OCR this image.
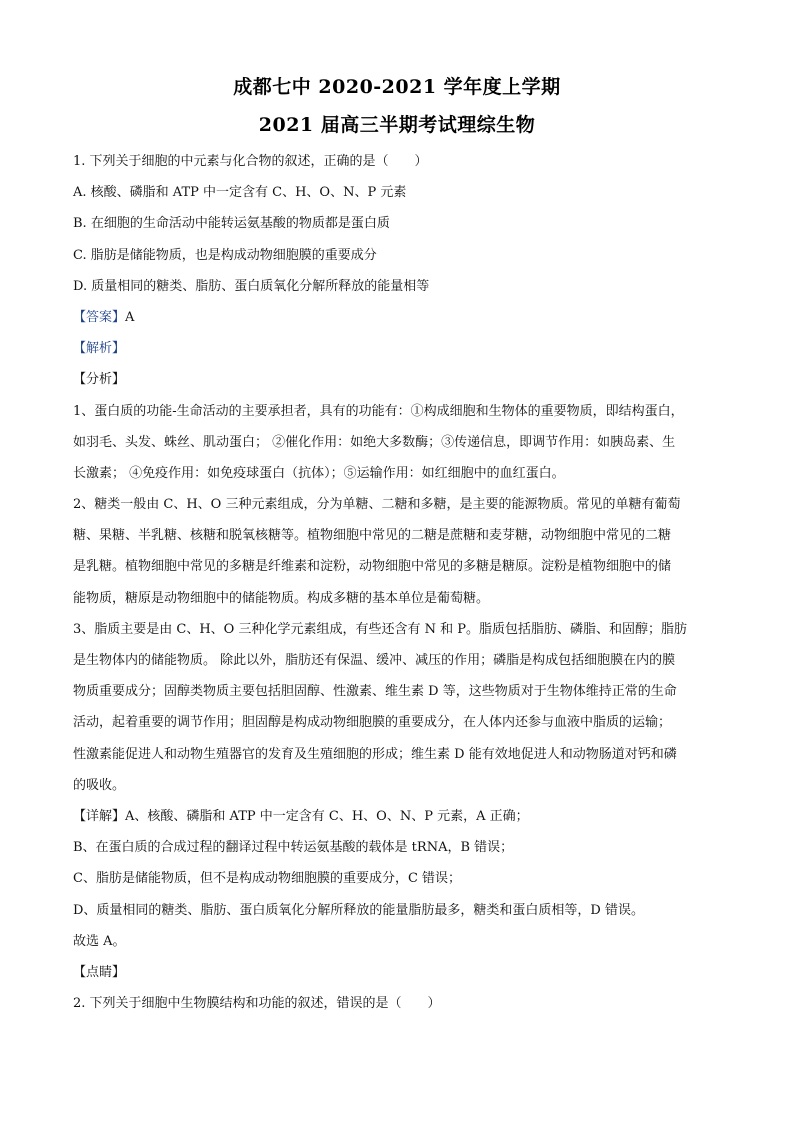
成都七中 2020-2021 学年度上学期
2021 届高三半期考试理综生物
1. 下列关于细胞的中元素与化合物的叙述，正确的是（　　）
A. 核酸、磷脂和 ATP 中一定含有 C、H、O、N、P 元素
B. 在细胞的生命活动中能转运氨基酸的物质都是蛋白质
C. 脂肪是储能物质，也是构成动物细胞膜的重要成分
D. 质量相同的糖类、脂肪、蛋白质氧化分解所释放的能量相等
【答案】A
【解析】
【分析】
1、蛋白质的功能-生命活动的主要承担者，具有的功能有：①构成细胞和生物体的重要物质，即结构蛋白，
如羽毛、头发、蛛丝、肌动蛋白； ②催化作用：如绝大多数酶；③传递信息，即调节作用：如胰岛素、生
长激素； ④免疫作用：如免疫球蛋白（抗体）；⑤运输作用：如红细胞中的血红蛋白。
2、糖类一般由 C、H、O 三种元素组成，分为单糖、二糖和多糖，是主要的能源物质。常见的单糖有葡萄
糖、果糖、半乳糖、核糖和脱氧核糖等。植物细胞中常见的二糖是蔗糖和麦芽糖，动物细胞中常见的二糖
是乳糖。植物细胞中常见的多糖是纤维素和淀粉，动物细胞中常见的多糖是糖原。淀粉是植物细胞中的储
能物质，糖原是动物细胞中的储能物质。构成多糖的基本单位是葡萄糖。
3、脂质主要是由 C、H、O 三种化学元素组成，有些还含有 N 和 P。脂质包括脂肪、磷脂、和固醇；脂肪
是生物体内的储能物质。 除此以外，脂肪还有保温、缓冲、减压的作用；磷脂是构成包括细胞膜在内的膜
物质重要成分；固醇类物质主要包括胆固醇、性激素、维生素 D 等，这些物质对于生物体维持正常的生命
活动，起着重要的调节作用；胆固醇是构成动物细胞膜的重要成分，在人体内还参与血液中脂质的运输；
性激素能促进人和动物生殖器官的发育及生殖细胞的形成；维生素 D 能有效地促进人和动物肠道对钙和磷
的吸收。
【详解】A、核酸、磷脂和 ATP 中一定含有 C、H、O、N、P 元素，A 正确；
B、在蛋白质的合成过程的翻译过程中转运氨基酸的载体是 tRNA，B 错误；
C、脂肪是储能物质，但不是构成动物细胞膜的重要成分，C 错误；
D、质量相同的糖类、脂肪、蛋白质氧化分解所释放的能量脂肪最多，糖类和蛋白质相等，D 错误。
故选 A。
【点睛】
2. 下列关于细胞中生物膜结构和功能的叙述，错误的是（　　）
